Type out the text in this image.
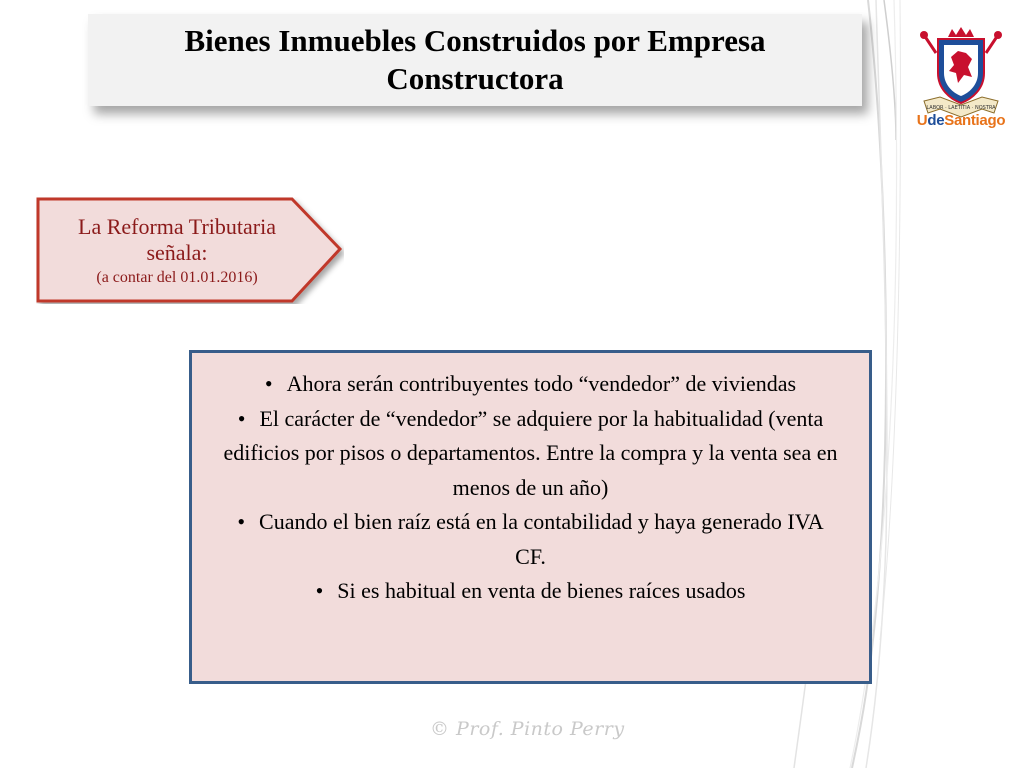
Bienes Inmuebles Construidos por Empresa Constructora
LABOR · LAETITIA · NOSTRA
UdeSantiago
La Reforma Tributaria
señala:
(a contar del 01.01.2016)
• Ahora serán contribuyentes todo “vendedor” de viviendas
• El carácter de “vendedor” se adquiere por la habitualidad (venta edificios por pisos o departamentos. Entre la compra y la venta sea en menos de un año)
• Cuando el bien raíz está en la contabilidad y haya generado IVA CF.
• Si es habitual en venta de bienes raíces usados
© Prof. Pinto Perry
